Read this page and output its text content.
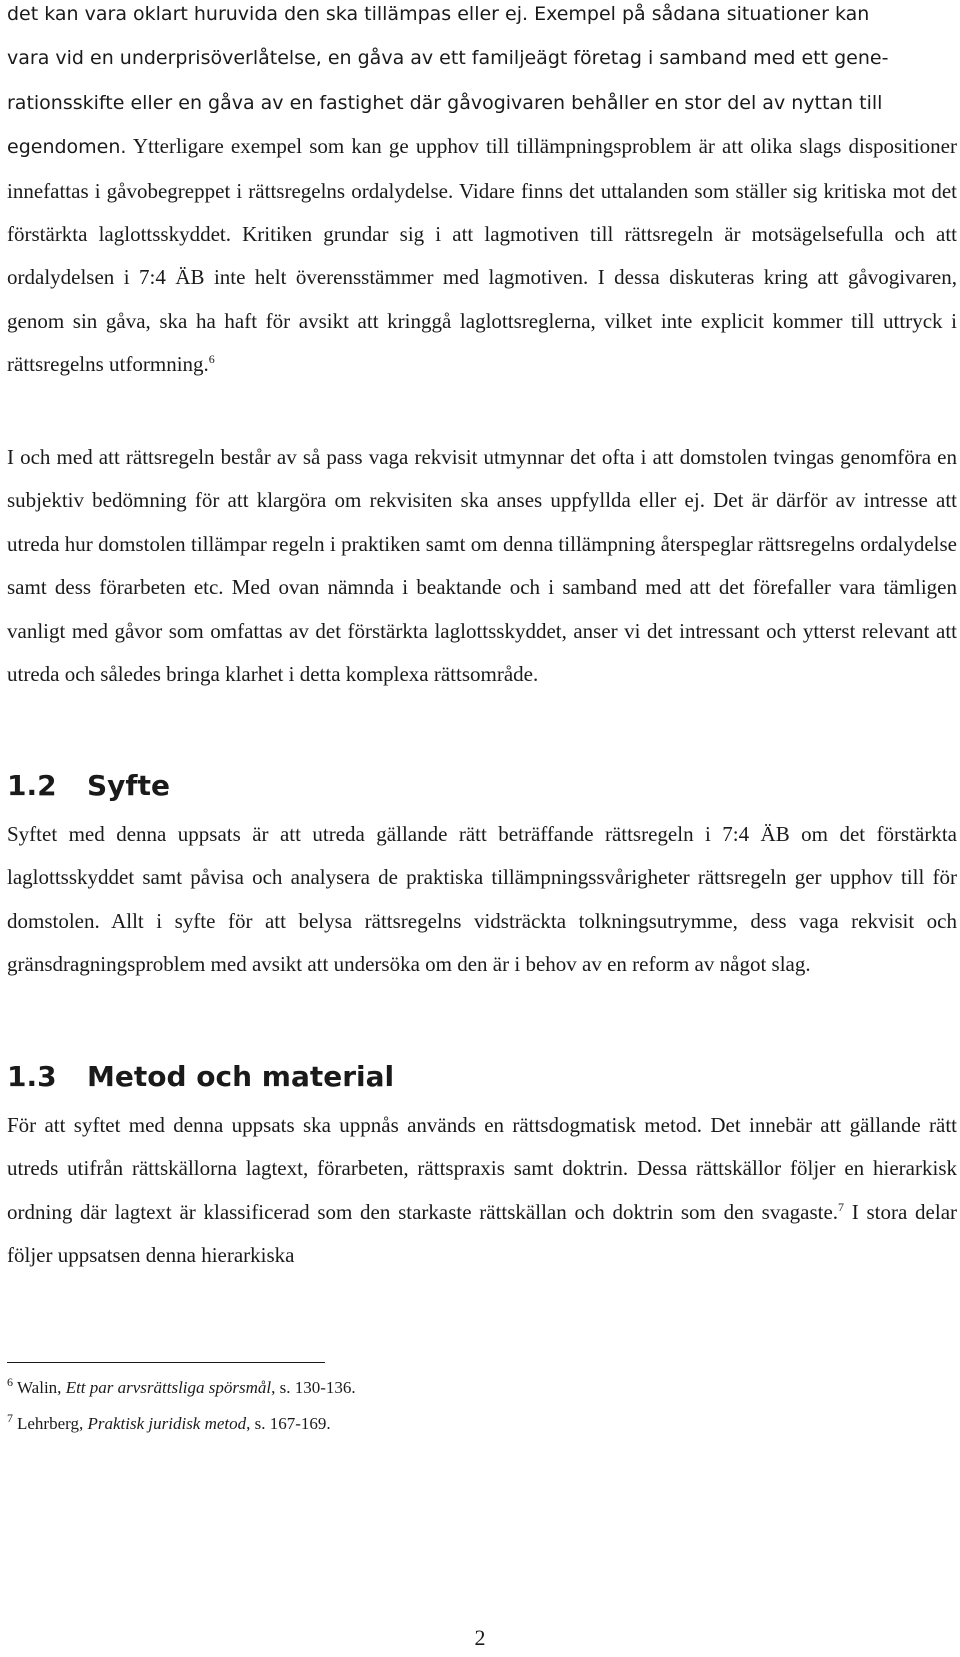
det kan vara oklart huruvida den ska tillämpas eller ej. Exempel på sådana situationer kan
vara vid en underprisöverlåtelse, en gåva av ett familjeägt företag i samband med ett gene-
rationsskifte eller en gåva av en fastighet där gåvogivaren behåller en stor del av nyttan till
egendomen. Ytterligare exempel som kan ge upphov till tillämpningsproblem är att olika slags dispositioner innefattas i gåvobegreppet i rättsregelns ordalydelse. Vidare finns det uttalanden som ställer sig kritiska mot det förstärkta laglottsskyddet. Kritiken grundar sig i att lagmotiven till rättsregeln är motsägelsefulla och att ordalydelsen i 7:4 ÄB inte helt överensstämmer med lagmotiven. I dessa diskuteras kring att gåvogivaren, genom sin gåva, ska ha haft för avsikt att kringgå laglottsreglerna, vilket inte explicit kommer till uttryck i rättsregelns utformning.$^6$

I och med att rättsregeln består av så pass vaga rekvisit utmynnar det ofta i att domstolen tvingas genomföra en subjektiv bedömning för att klargöra om rekvisiten ska anses uppfyllda eller ej. Det är därför av intresse att utreda hur domstolen tillämpar regeln i praktiken samt om denna tillämpning återspeglar rättsregelns ordalydelse samt dess förarbeten etc. Med ovan nämnda i beaktande och i samband med att det förefaller vara tämligen vanligt med gåvor som omfattas av det förstärkta laglottsskyddet, anser vi det intressant och ytterst relevant att utreda och således bringa klarhet i detta komplexa rättsområde.

1.2 Syfte

Syftet med denna uppsats är att utreda gällande rätt beträffande rättsregeln i 7:4 ÄB om det förstärkta laglottsskyddet samt påvisa och analysera de praktiska tillämpningssvårigheter rättsregeln ger upphov till för domstolen. Allt i syfte för att belysa rättsregelns vidsträckta tolkningsutrymme, dess vaga rekvisit och gränsdragningsproblem med avsikt att undersöka om den är i behov av en reform av något slag.

1.3 Metod och material

För att syftet med denna uppsats ska uppnås används en rättsdogmatisk metod. Det innebär att gällande rätt utreds utifrån rättskällorna lagtext, förarbeten, rättspraxis samt doktrin. Dessa rättskällor följer en hierarkisk ordning där lagtext är klassificerad som den starkaste rättskällan och doktrin som den svagaste.$^7$ I stora delar följer uppsatsen denna hierarkiska

$^6$ Walin, Ett par arvsrättsliga spörsmål, s. 130-136.
$^7$ Lehrberg, Praktisk juridisk metod, s. 167-169.
2
